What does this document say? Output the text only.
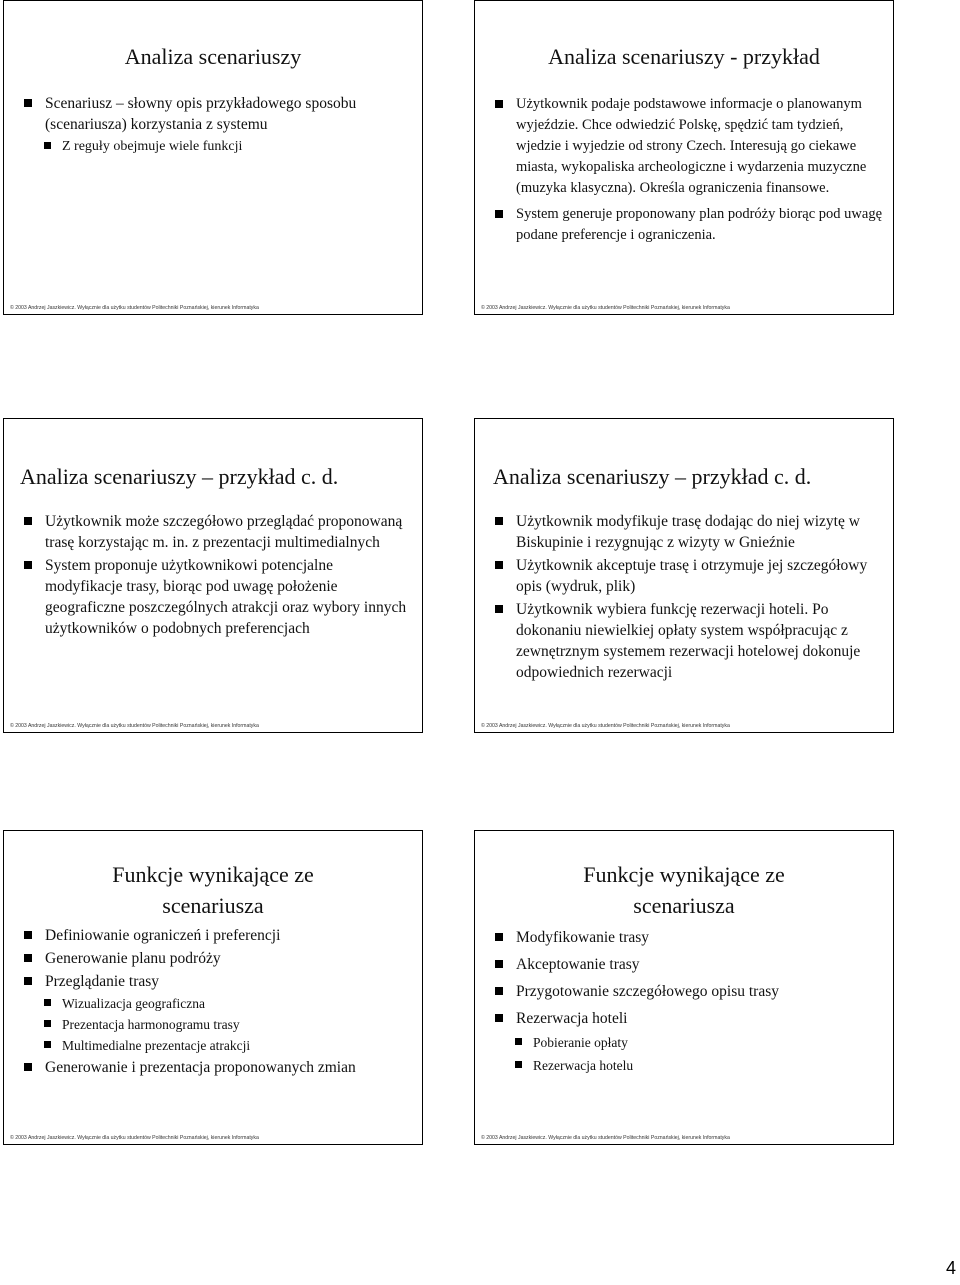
Analiza scenariuszy
Scenariusz – słowny opis przykładowego sposobu (scenariusza) korzystania z systemu
Z reguły obejmuje wiele funkcji
© 2003 Andrzej Jaszkiewicz. Wyłącznie dla użytku studentów Politechniki Poznańskiej, kierunek Informatyka
Analiza scenariuszy - przykład
Użytkownik podaje podstawowe informacje o planowanym wyjeździe. Chce odwiedzić Polskę, spędzić tam tydzień, wjedzie i wyjedzie od strony Czech. Interesują go ciekawe miasta, wykopaliska archeologiczne i wydarzenia muzyczne (muzyka klasyczna). Określa ograniczenia finansowe.
System generuje proponowany plan podróży biorąc pod uwagę podane preferencje i ograniczenia.
© 2003 Andrzej Jaszkiewicz. Wyłącznie dla użytku studentów Politechniki Poznańskiej, kierunek Informatyka
Analiza scenariuszy – przykład c. d.
Użytkownik może szczegółowo przeglądać proponowaną trasę korzystając m. in. z prezentacji multimedialnych
System proponuje użytkownikowi potencjalne modyfikacje trasy, biorąc pod uwagę położenie geograficzne poszczególnych atrakcji oraz wybory innych użytkowników o podobnych preferencjach
© 2003 Andrzej Jaszkiewicz. Wyłącznie dla użytku studentów Politechniki Poznańskiej, kierunek Informatyka
Analiza scenariuszy – przykład c. d.
Użytkownik modyfikuje trasę dodając do niej wizytę w Biskupinie i rezygnując z wizyty w Gnieźnie
Użytkownik akceptuje trasę i otrzymuje jej szczegółowy opis (wydruk, plik)
Użytkownik wybiera funkcję rezerwacji hoteli. Po dokonaniu niewielkiej opłaty system współpracując z zewnętrznym systemem rezerwacji hotelowej dokonuje odpowiednich rezerwacji
© 2003 Andrzej Jaszkiewicz. Wyłącznie dla użytku studentów Politechniki Poznańskiej, kierunek Informatyka
Funkcje wynikające ze scenariusza
Definiowanie ograniczeń i preferencji
Generowanie planu podróży
Przeglądanie trasy
Wizualizacja geograficzna
Prezentacja harmonogramu trasy
Multimedialne prezentacje atrakcji
Generowanie i prezentacja proponowanych zmian
© 2003 Andrzej Jaszkiewicz. Wyłącznie dla użytku studentów Politechniki Poznańskiej, kierunek Informatyka
Funkcje wynikające ze scenariusza
Modyfikowanie trasy
Akceptowanie trasy
Przygotowanie szczegółowego opisu trasy
Rezerwacja hoteli
Pobieranie opłaty
Rezerwacja hotelu
© 2003 Andrzej Jaszkiewicz. Wyłącznie dla użytku studentów Politechniki Poznańskiej, kierunek Informatyka
4
